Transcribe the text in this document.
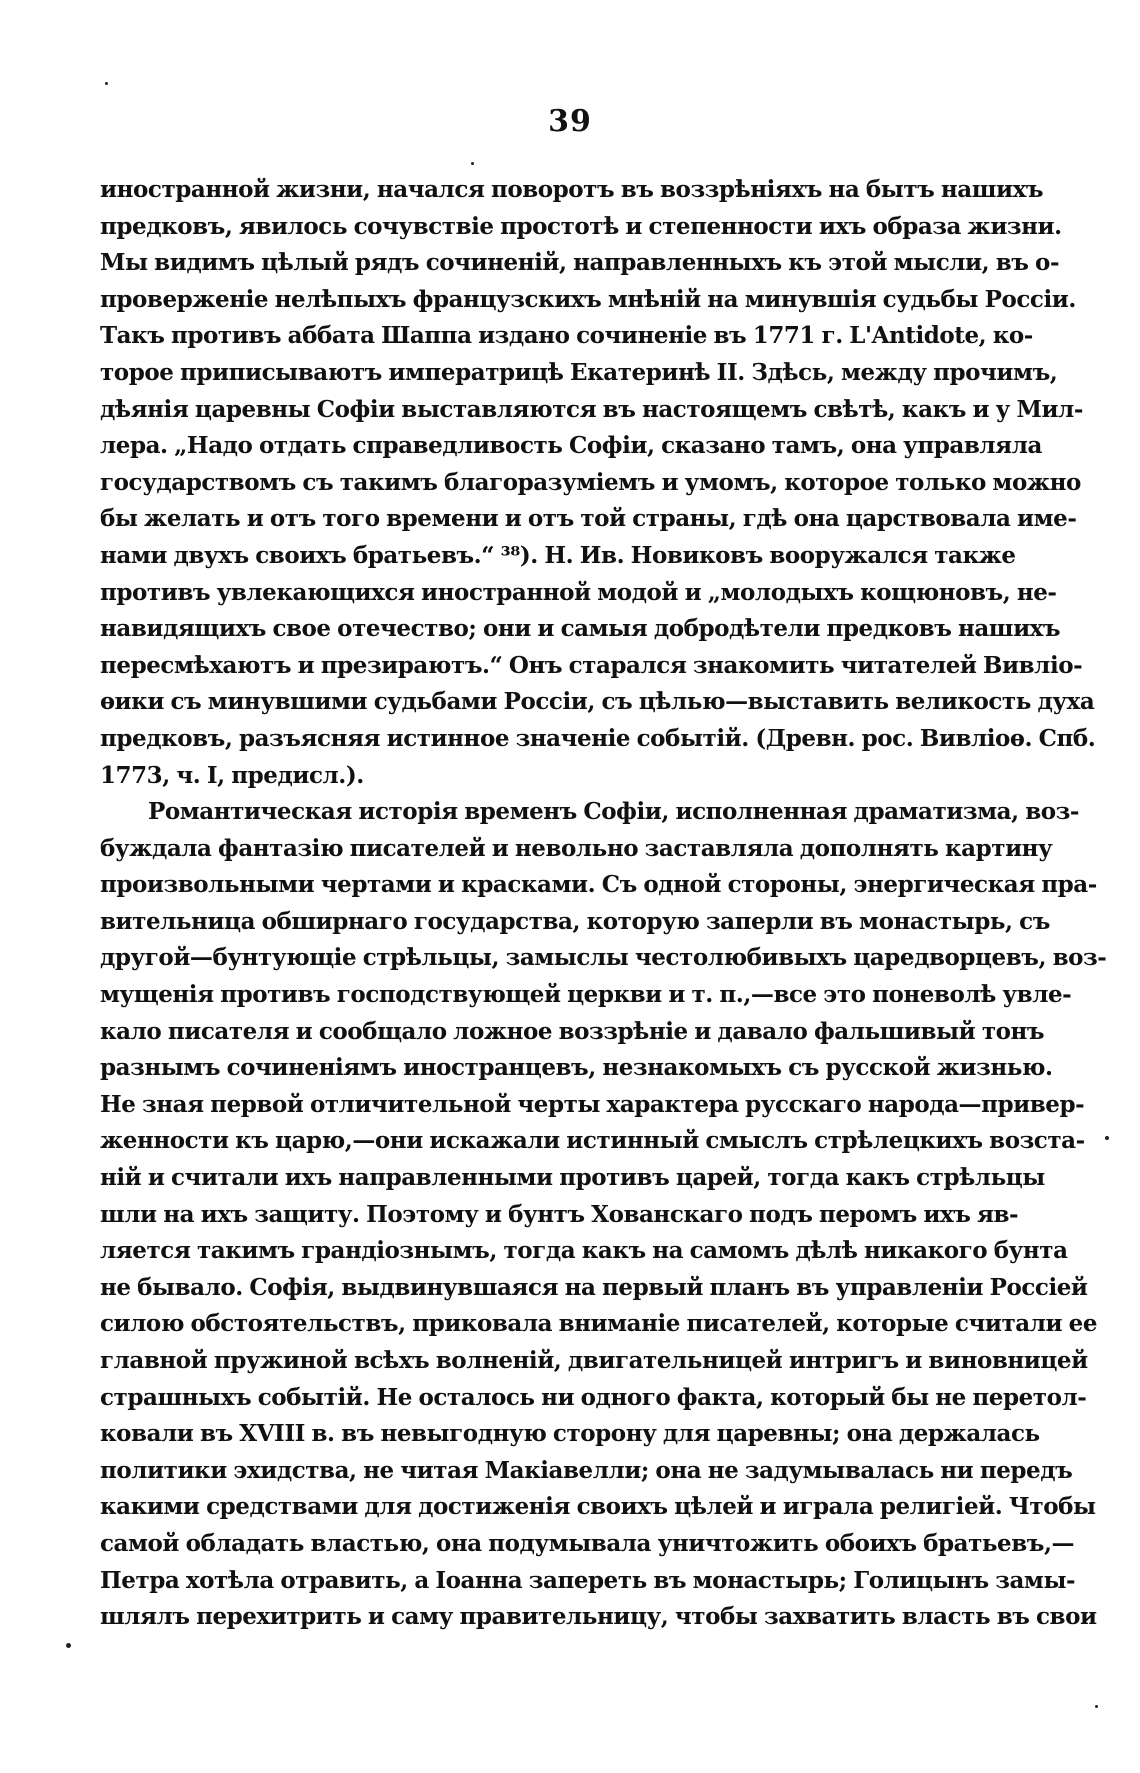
39
иностранной жизни, начался поворотъ въ воззрѣніяхъ на бытъ нашихъ
предковъ, явилось сочувствіе простотѣ и степенности ихъ образа жизни.
Мы видимъ цѣлый рядъ сочиненій, направленныхъ къ этой мысли, въ о-
проверженіе нелѣпыхъ французскихъ мнѣній на минувшія судьбы Россіи.
Такъ противъ аббата Шаппа издано сочиненіе въ 1771 г. L'Antidote, ко-
торое приписываютъ императрицѣ Екатеринѣ II. Здѣсь, между прочимъ,
дѣянія царевны Софіи выставляются въ настоящемъ свѣтѣ, какъ и у Мил-
лера. „Надо отдать справедливость Софіи, сказано тамъ, она управляла
государствомъ съ такимъ благоразуміемъ и умомъ, которое только можно
бы желать и отъ того времени и отъ той страны, гдѣ она царствовала име-
нами двухъ своихъ братьевъ.“ ³⁸). Н. Ив. Новиковъ вооружался также
противъ увлекающихся иностранной модой и „молодыхъ кощюновъ, не-
навидящихъ свое отечество; они и самыя добродѣтели предковъ нашихъ
пересмѣхаютъ и презираютъ.“ Онъ старался знакомить читателей Вивліо-
ѳики съ минувшими судьбами Россіи, съ цѣлью—выставить великость духа
предковъ, разъясняя истинное значеніе событій. (Древн. рос. Вивліоѳ. Спб.
1773, ч. I, предисл.).
Романтическая исторія временъ Софіи, исполненная драматизма, воз-
буждала фантазію писателей и невольно заставляла дополнять картину
произвольными чертами и красками. Съ одной стороны, энергическая пра-
вительница обширнаго государства, которую заперли въ монастырь, съ
другой—бунтующіе стрѣльцы, замыслы честолюбивыхъ царедворцевъ, воз-
мущенія противъ господствующей церкви и т. п.,—все это поневолѣ увле-
кало писателя и сообщало ложное воззрѣніе и давало фальшивый тонъ
разнымъ сочиненіямъ иностранцевъ, незнакомыхъ съ русской жизнью.
Не зная первой отличительной черты характера русскаго народа—привер-
женности къ царю,—они искажали истинный смыслъ стрѣлецкихъ возста-
ній и считали ихъ направленными противъ царей, тогда какъ стрѣльцы
шли на ихъ защиту. Поэтому и бунтъ Хованскаго подъ перомъ ихъ яв-
ляется такимъ грандіознымъ, тогда какъ на самомъ дѣлѣ никакого бунта
не бывало. Софія, выдвинувшаяся на первый планъ въ управленіи Россіей
силою обстоятельствъ, приковала вниманіе писателей, которые считали ее
главной пружиной всѣхъ волненій, двигательницей интригъ и виновницей
страшныхъ событій. Не осталось ни одного факта, который бы не перетол-
ковали въ XVIII в. въ невыгодную сторону для царевны; она держалась
политики эхидства, не читая Макіавелли; она не задумывалась ни передъ
какими средствами для достиженія своихъ цѣлей и играла религіей. Чтобы
самой обладать властью, она подумывала уничтожить обоихъ братьевъ,—
Петра хотѣла отравить, а Іоанна запереть въ монастырь; Голицынъ замы-
шлялъ перехитрить и саму правительницу, чтобы захватить власть въ свои
